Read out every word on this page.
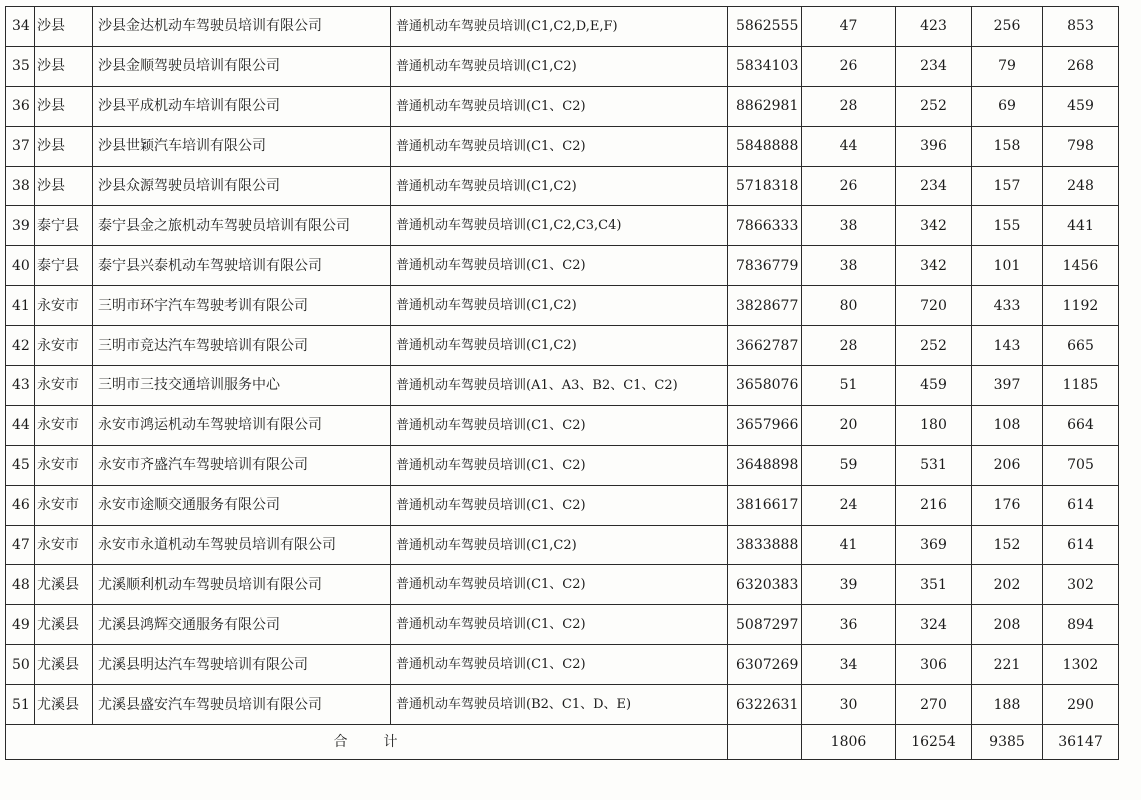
34	沙县	沙县金达机动车驾驶员培训有限公司	普通机动车驾驶员培训(C1,C2,D,E,F)	5862555	47	423	256	853
35	沙县	沙县金顺驾驶员培训有限公司	普通机动车驾驶员培训(C1,C2)	5834103	26	234	79	268
36	沙县	沙县平成机动车培训有限公司	普通机动车驾驶员培训(C1、C2)	8862981	28	252	69	459
37	沙县	沙县世颖汽车培训有限公司	普通机动车驾驶员培训(C1、C2)	5848888	44	396	158	798
38	沙县	沙县众源驾驶员培训有限公司	普通机动车驾驶员培训(C1,C2)	5718318	26	234	157	248
39	泰宁县	泰宁县金之旅机动车驾驶员培训有限公司	普通机动车驾驶员培训(C1,C2,C3,C4)	7866333	38	342	155	441
40	泰宁县	泰宁县兴泰机动车驾驶培训有限公司	普通机动车驾驶员培训(C1、C2)	7836779	38	342	101	1456
41	永安市	三明市环宇汽车驾驶考训有限公司	普通机动车驾驶员培训(C1,C2)	3828677	80	720	433	1192
42	永安市	三明市竞达汽车驾驶培训有限公司	普通机动车驾驶员培训(C1,C2)	3662787	28	252	143	665
43	永安市	三明市三技交通培训服务中心	普通机动车驾驶员培训(A1、A3、B2、C1、C2)	3658076	51	459	397	1185
44	永安市	永安市鸿运机动车驾驶培训有限公司	普通机动车驾驶员培训(C1、C2)	3657966	20	180	108	664
45	永安市	永安市齐盛汽车驾驶培训有限公司	普通机动车驾驶员培训(C1、C2)	3648898	59	531	206	705
46	永安市	永安市途顺交通服务有限公司	普通机动车驾驶员培训(C1、C2)	3816617	24	216	176	614
47	永安市	永安市永道机动车驾驶员培训有限公司	普通机动车驾驶员培训(C1,C2)	3833888	41	369	152	614
48	尤溪县	尤溪顺利机动车驾驶员培训有限公司	普通机动车驾驶员培训(C1、C2)	6320383	39	351	202	302
49	尤溪县	尤溪县鸿辉交通服务有限公司	普通机动车驾驶员培训(C1、C2)	5087297	36	324	208	894
50	尤溪县	尤溪县明达汽车驾驶培训有限公司	普通机动车驾驶员培训(C1、C2)	6307269	34	306	221	1302
51	尤溪县	尤溪县盛安汽车驾驶员培训有限公司	普通机动车驾驶员培训(B2、C1、D、E)	6322631	30	270	188	290
合 计					1806	16254	9385	36147
